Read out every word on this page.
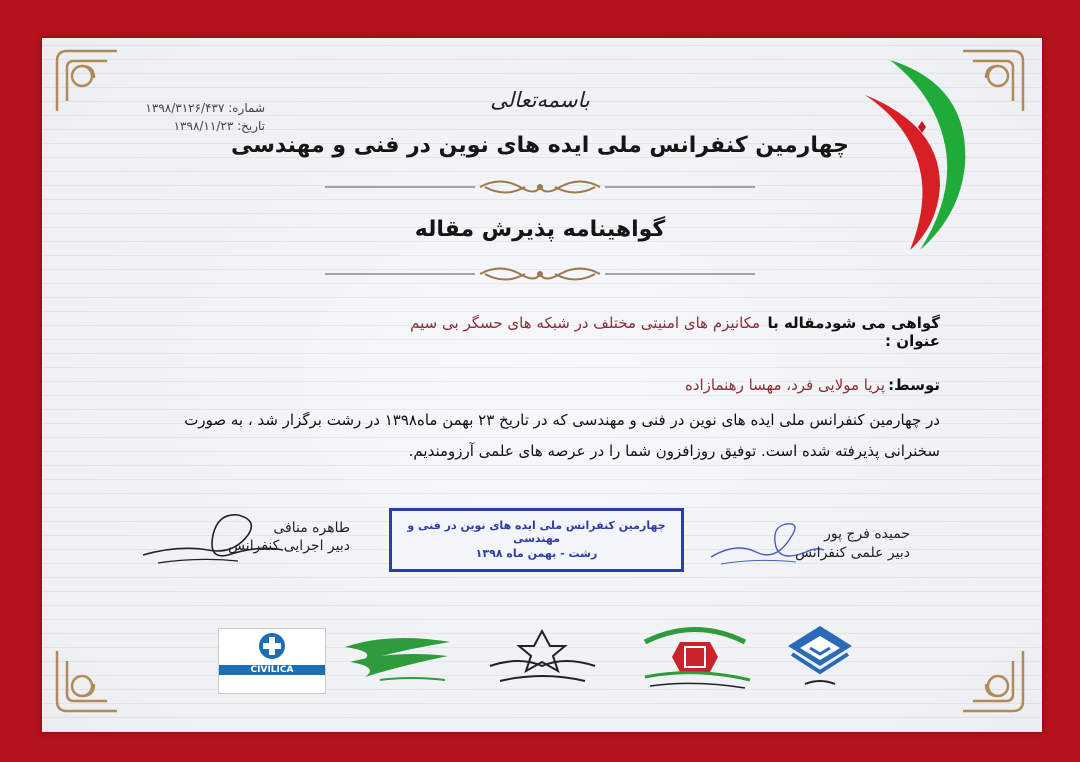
باسمه‌تعالی
شماره: ۱۳۹۸/۳۱۲۶/۴۳۷
تاریخ: ۱۳۹۸/۱۱/۲۳
چهارمین کنفرانس ملی ایده های نوین در فنی و مهندسی
گواهینامه پذیرش مقاله
گواهی می شودمقاله با عنوان :
مکانیزم های امنیتی مختلف در شبکه های حسگر بی سیم
توسط:
پریا مولایی فرد، مهسا رهنمازاده
در چهارمین کنفرانس ملی ایده های نوین در فنی و مهندسی که در تاریخ ۲۳ بهمن ماه۱۳۹۸ در رشت برگزار شد ، به صورت سخنرانی پذیرفته شده است. توفیق روزافزون شما را در عرصه های علمی آرزومندیم.
طاهره منافی
دبیر اجرایی کنفرانس
حمیده فرج پور
دبیر علمی کنفرانس
چهارمین کنفرانس ملی ایده های نوین در فنی و مهندسی
رشت - بهمن ماه ۱۳۹۸
CIVILICA
